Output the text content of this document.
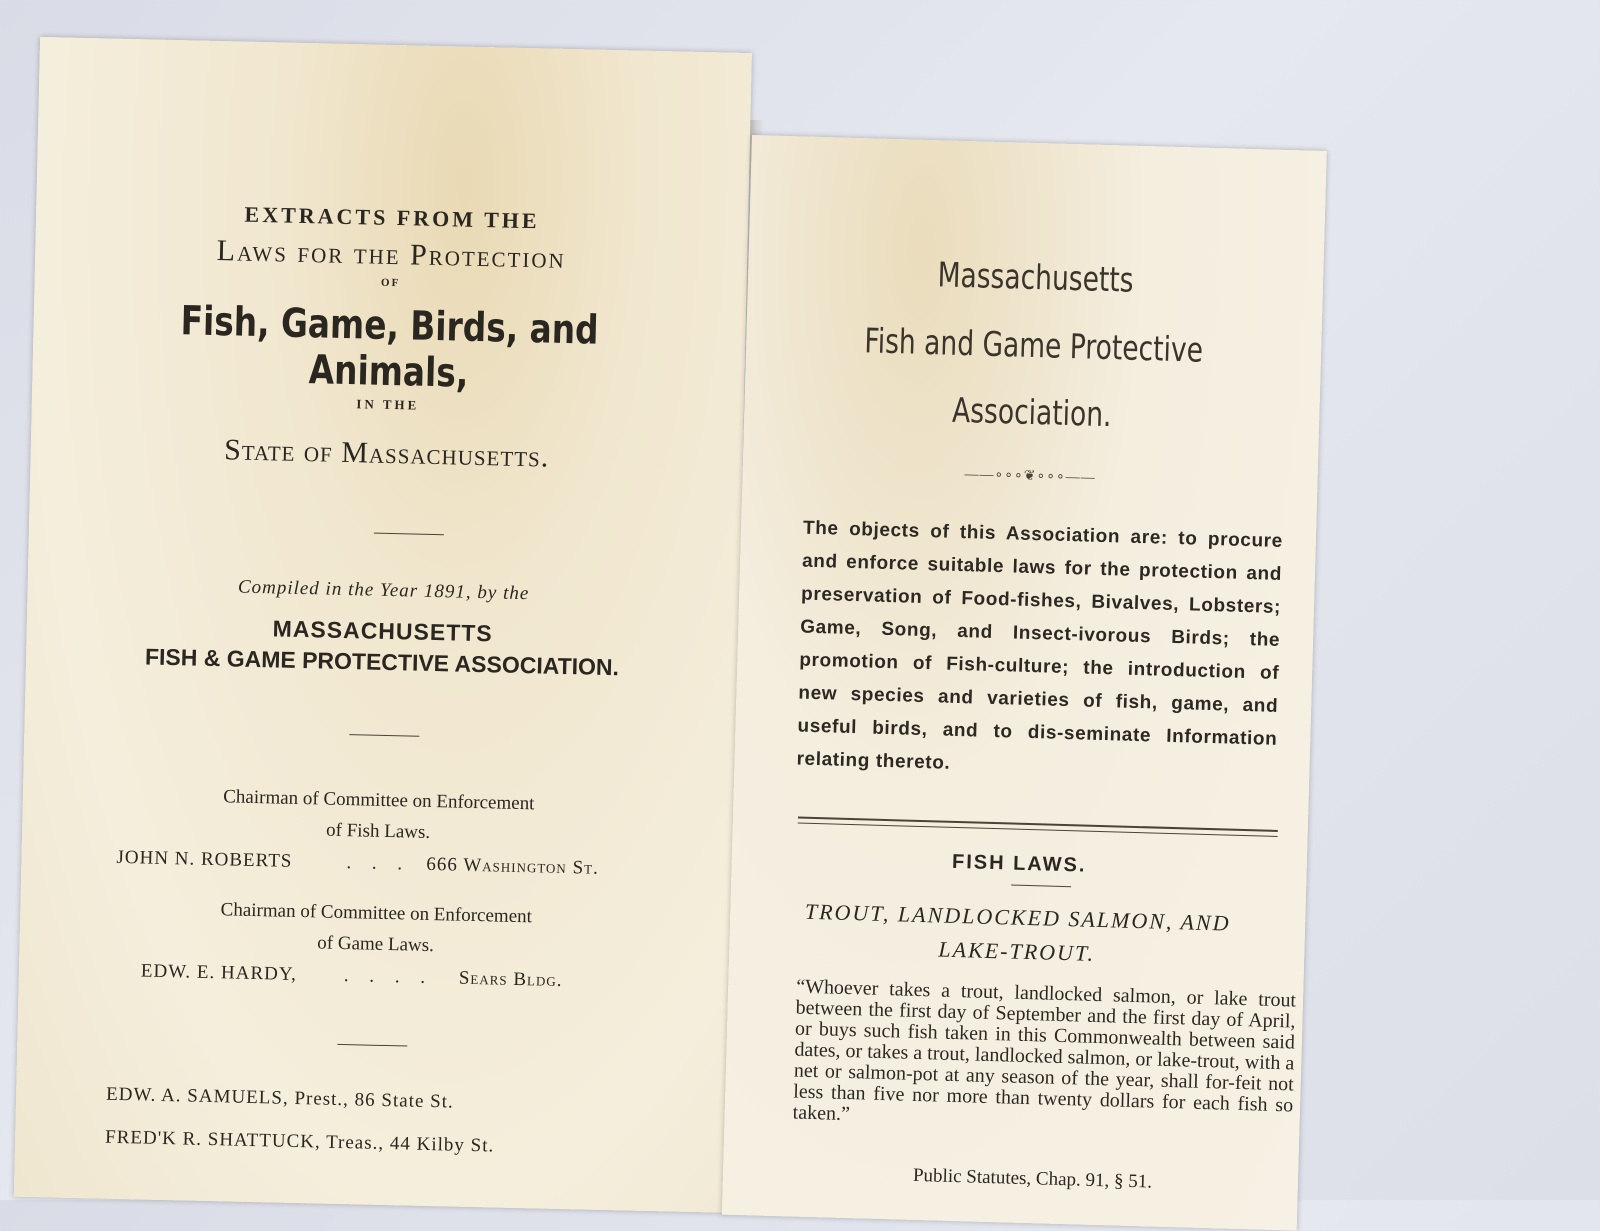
EXTRACTS FROM THE
Laws for the Protection
OF
Fish, Game, Birds, and Animals,
IN THE
State of Massachusetts.
Compiled in the Year 1891, by the
MASSACHUSETTS
FISH & GAME PROTECTIVE ASSOCIATION.
Chairman of Committee on Enforcement
of Fish Laws.
JOHN N. ROBERTS	. . . 666 Washington St.
Chairman of Committee on Enforcement
of Game Laws.
EDW. E. HARDY, . . . . Sears Bldg.
EDW. A. SAMUELS, Prest., 86 State St.
FRED'K R. SHATTUCK, Treas., 44 Kilby St.
Massachusetts
Fish and Game Protective
Association.
——∘∘∘❦∘∘∘——
The objects of this Association are: to procure and enforce suitable laws for the protection and preservation of Food-fishes, Bivalves, Lobsters; Game, Song, and Insect-ivorous Birds; the promotion of Fish-culture; the introduction of new species and varieties of fish, game, and useful birds, and to dis-seminate Information relating thereto.
FISH LAWS.
TROUT, LANDLOCKED SALMON, AND
LAKE-TROUT.
“Whoever takes a trout, landlocked salmon, or lake trout between the first day of September and the first day of April, or buys such fish taken in this Commonwealth between said dates, or takes a trout, landlocked salmon, or lake-trout, with a net or salmon-pot at any season of the year, shall for-feit not less than five nor more than twenty dollars for each fish so taken.”
Public Statutes, Chap. 91, § 51.
